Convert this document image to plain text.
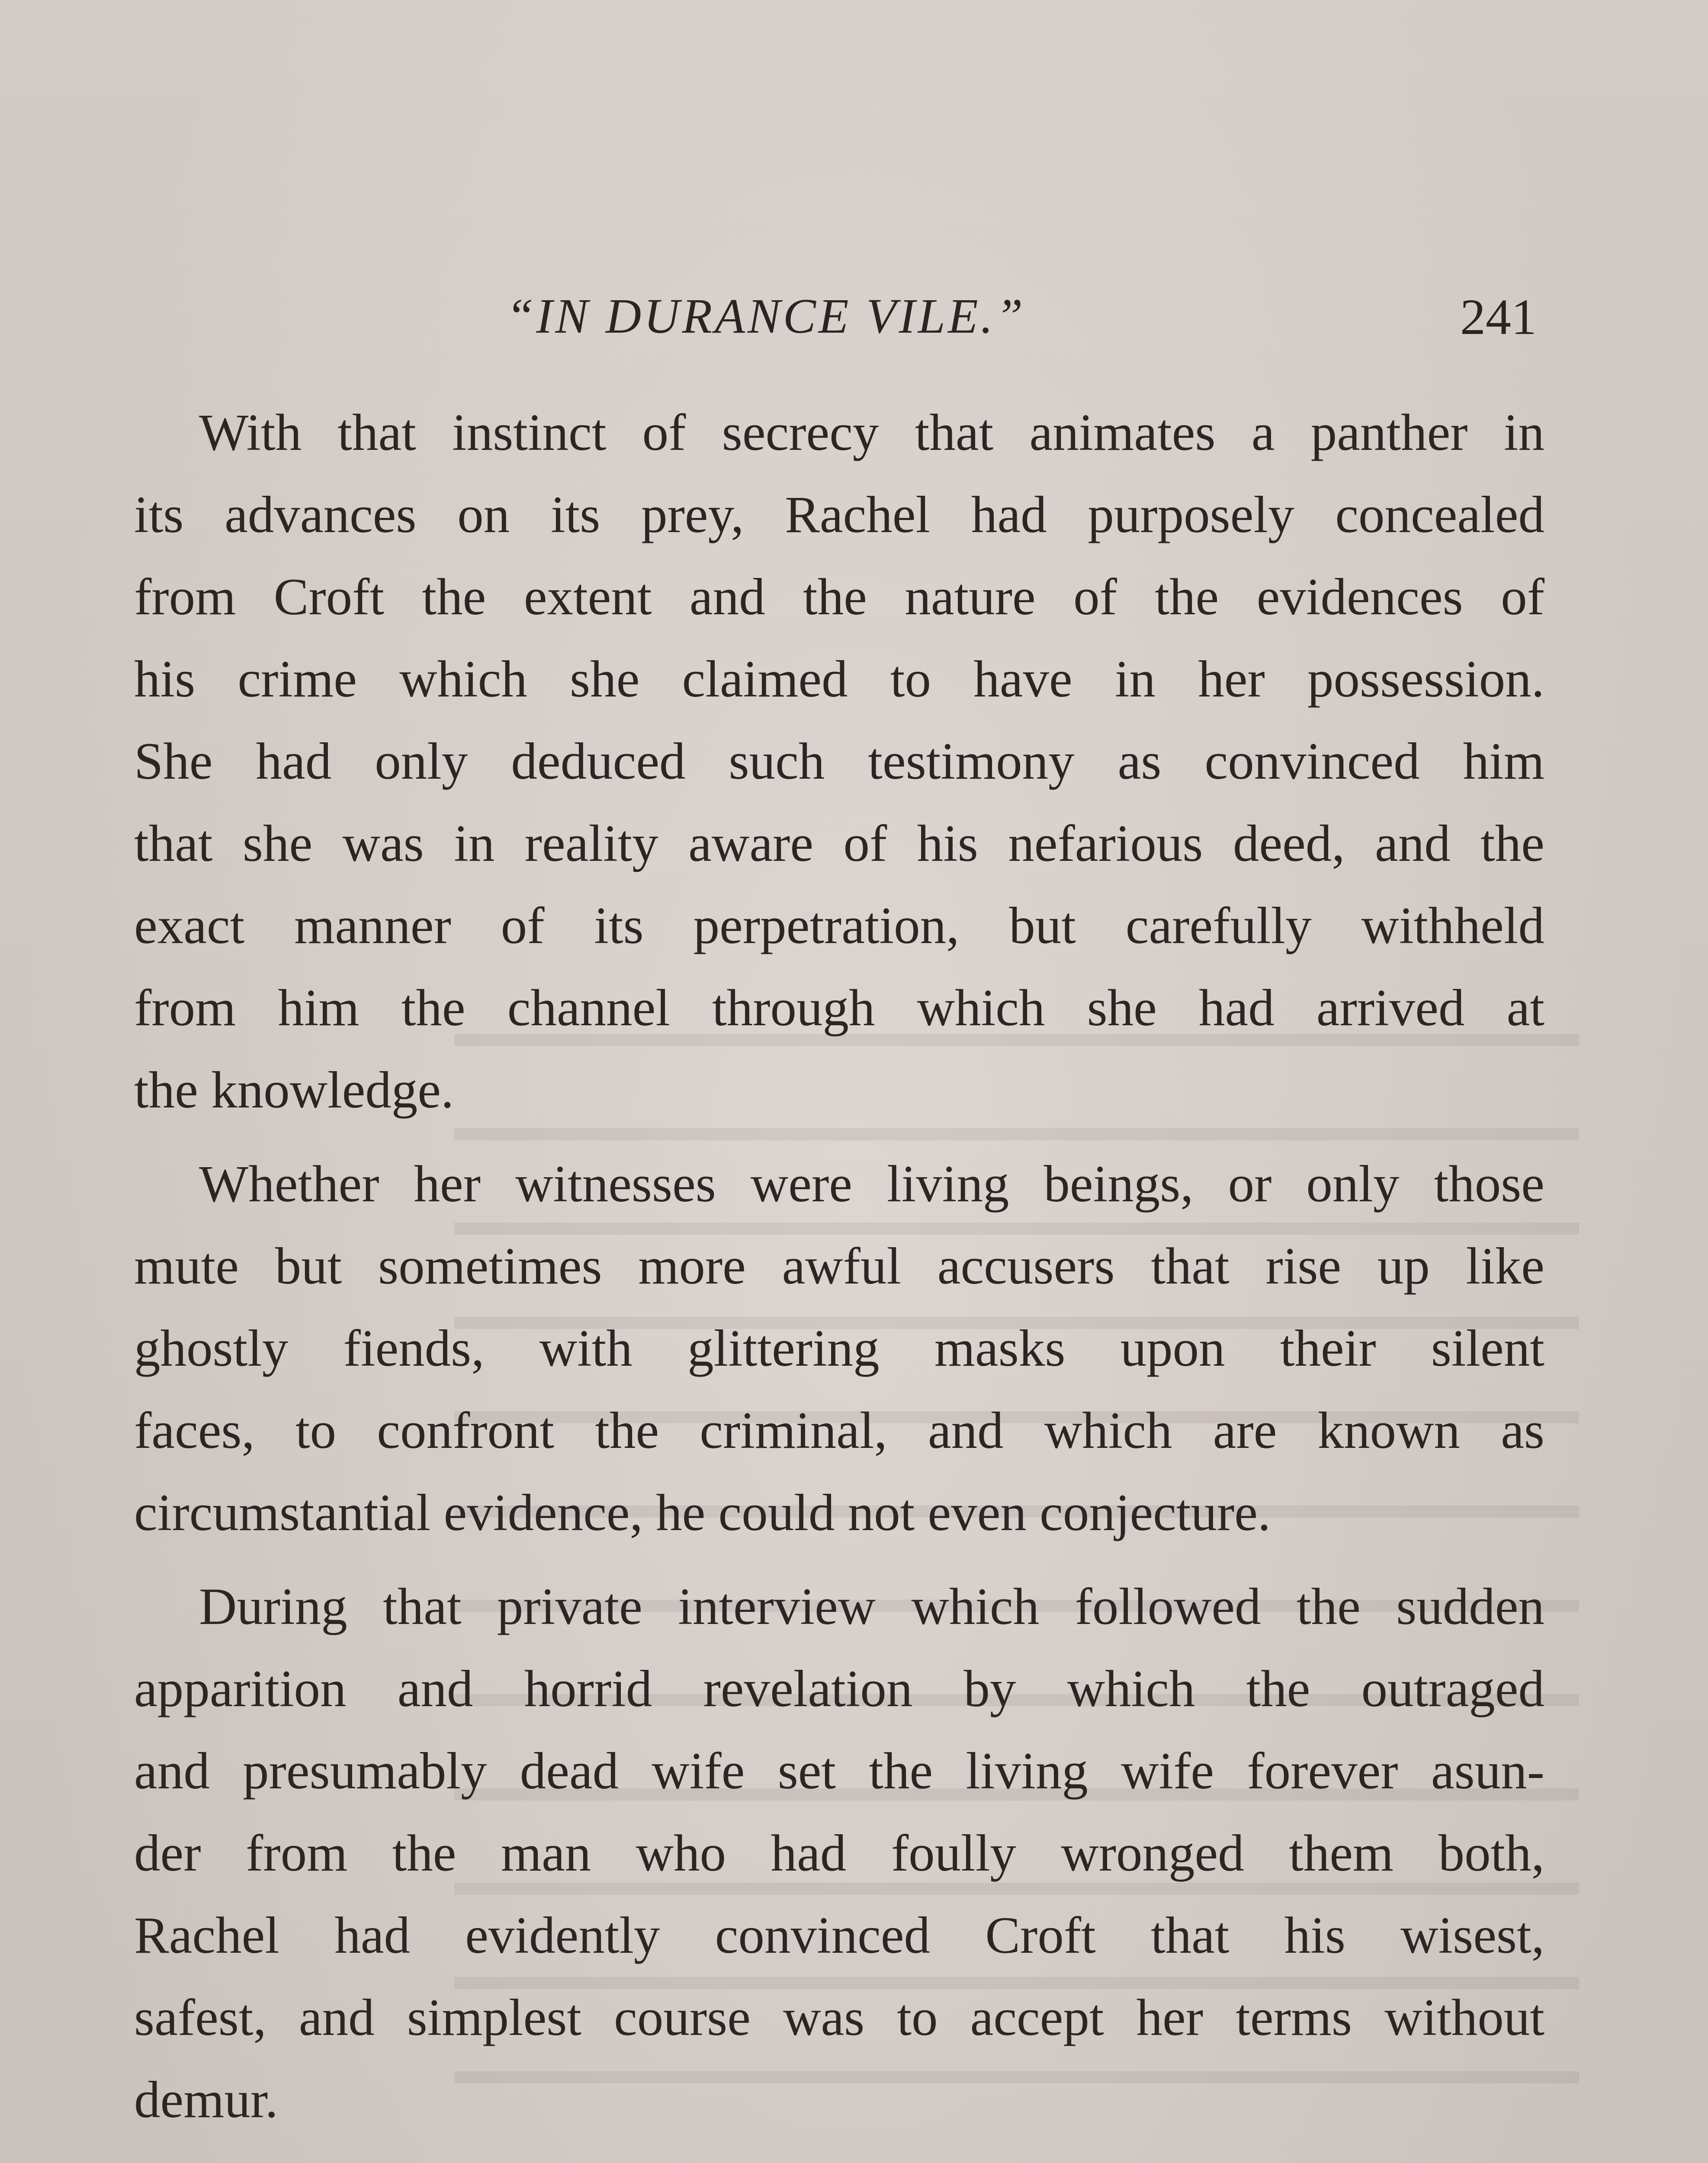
“IN DURANCE VILE.”	241
With that instinct of secrecy that animates a panther in
its advances on its prey, Rachel had purposely concealed
from Croft the extent and the nature of the evidences of
his crime which she claimed to have in her possession.
She had only deduced such testimony as convinced him
that she was in reality aware of his nefarious deed, and the
exact manner of its perpetration, but carefully withheld
from him the channel through which she had arrived at
the knowledge.
Whether her witnesses were living beings, or only those
mute but sometimes more awful accusers that rise up like
ghostly fiends, with glittering masks upon their silent
faces, to confront the criminal, and which are known as
circumstantial evidence, he could not even conjecture.
During that private interview which followed the sudden
apparition and horrid revelation by which the outraged
and presumably dead wife set the living wife forever asun-
der from the man who had foully wronged them both,
Rachel had evidently convinced Croft that his wisest,
safest, and simplest course was to accept her terms without
demur.
